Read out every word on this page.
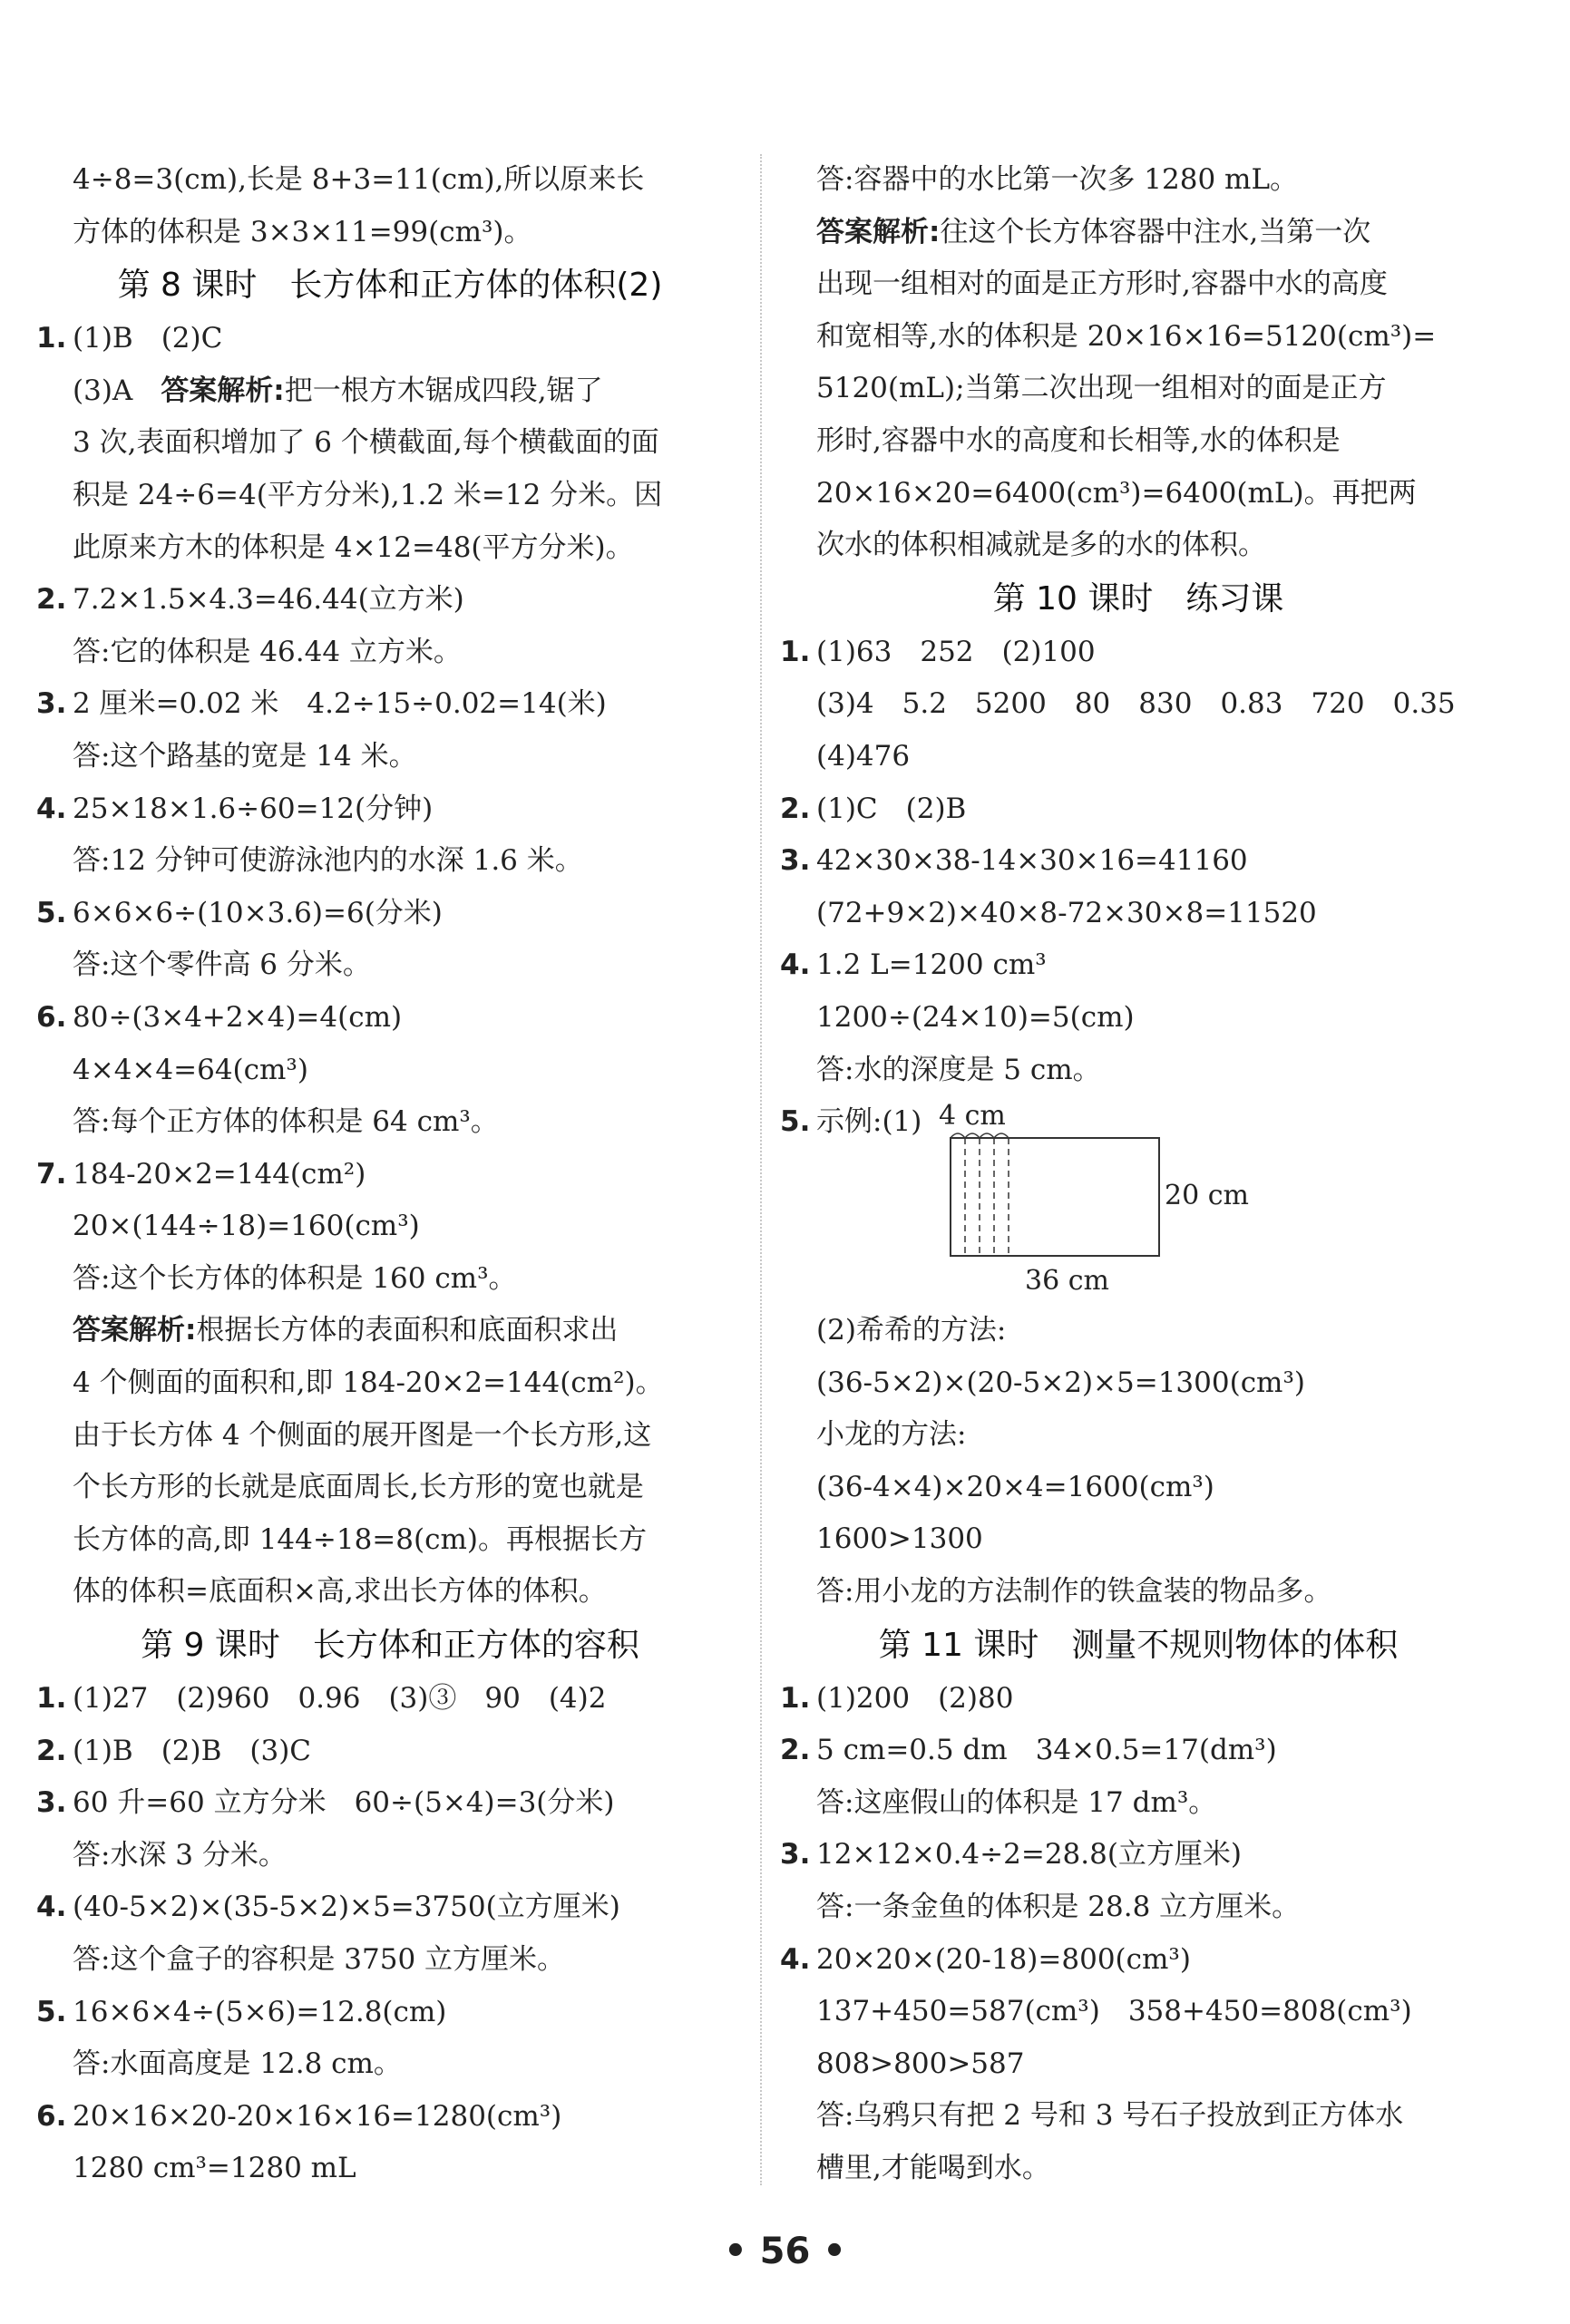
4÷8=3(cm),长是 8+3=11(cm),所以原来长
方体的体积是 3×3×11=99(cm³)。
第 8 课时　长方体和正方体的体积(2)
1. (1)B　(2)C
(3)A　答案解析:把一根方木锯成四段,锯了
3 次,表面积增加了 6 个横截面,每个横截面的面
积是 24÷6=4(平方分米),1.2 米=12 分米。因
此原来方木的体积是 4×12=48(平方分米)。
2. 7.2×1.5×4.3=46.44(立方米)
答:它的体积是 46.44 立方米。
3. 2 厘米=0.02 米　4.2÷15÷0.02=14(米)
答:这个路基的宽是 14 米。
4. 25×18×1.6÷60=12(分钟)
答:12 分钟可使游泳池内的水深 1.6 米。
5. 6×6×6÷(10×3.6)=6(分米)
答:这个零件高 6 分米。
6. 80÷(3×4+2×4)=4(cm)
4×4×4=64(cm³)
答:每个正方体的体积是 64 cm³。
7. 184-20×2=144(cm²)
20×(144÷18)=160(cm³)
答:这个长方体的体积是 160 cm³。
答案解析:根据长方体的表面积和底面积求出
4 个侧面的面积和,即 184-20×2=144(cm²)。
由于长方体 4 个侧面的展开图是一个长方形,这
个长方形的长就是底面周长,长方形的宽也就是
长方体的高,即 144÷18=8(cm)。再根据长方
体的体积=底面积×高,求出长方体的体积。
第 9 课时　长方体和正方体的容积
1. (1)27　(2)960　0.96　(3)③　90　(4)2
2. (1)B　(2)B　(3)C
3. 60 升=60 立方分米　60÷(5×4)=3(分米)
答:水深 3 分米。
4. (40-5×2)×(35-5×2)×5=3750(立方厘米)
答:这个盒子的容积是 3750 立方厘米。
5. 16×6×4÷(5×6)=12.8(cm)
答:水面高度是 12.8 cm。
6. 20×16×20-20×16×16=1280(cm³)
1280 cm³=1280 mL
答:容器中的水比第一次多 1280 mL。
答案解析:往这个长方体容器中注水,当第一次
出现一组相对的面是正方形时,容器中水的高度
和宽相等,水的体积是 20×16×16=5120(cm³)=
5120(mL);当第二次出现一组相对的面是正方
形时,容器中水的高度和长相等,水的体积是
20×16×20=6400(cm³)=6400(mL)。再把两
次水的体积相减就是多的水的体积。
第 10 课时　练习课
1. (1)63　252　(2)100
(3)4　5.2　5200　80　830　0.83　720　0.35
(4)476
2. (1)C　(2)B
3. 42×30×38-14×30×16=41160
(72+9×2)×40×8-72×30×8=11520
4. 1.2 L=1200 cm³
1200÷(24×10)=5(cm)
答:水的深度是 5 cm。
5. 示例:(1) 4 cm
20 cm
36 cm
(2)希希的方法:
(36-5×2)×(20-5×2)×5=1300(cm³)
小龙的方法:
(36-4×4)×20×4=1600(cm³)
1600>1300
答:用小龙的方法制作的铁盒装的物品多。
第 11 课时　测量不规则物体的体积
1. (1)200　(2)80
2. 5 cm=0.5 dm　34×0.5=17(dm³)
答:这座假山的体积是 17 dm³。
3. 12×12×0.4÷2=28.8(立方厘米)
答:一条金鱼的体积是 28.8 立方厘米。
4. 20×20×(20-18)=800(cm³)
137+450=587(cm³)　358+450=808(cm³)
808>800>587
答:乌鸦只有把 2 号和 3 号石子投放到正方体水
槽里,才能喝到水。
• 56 •
